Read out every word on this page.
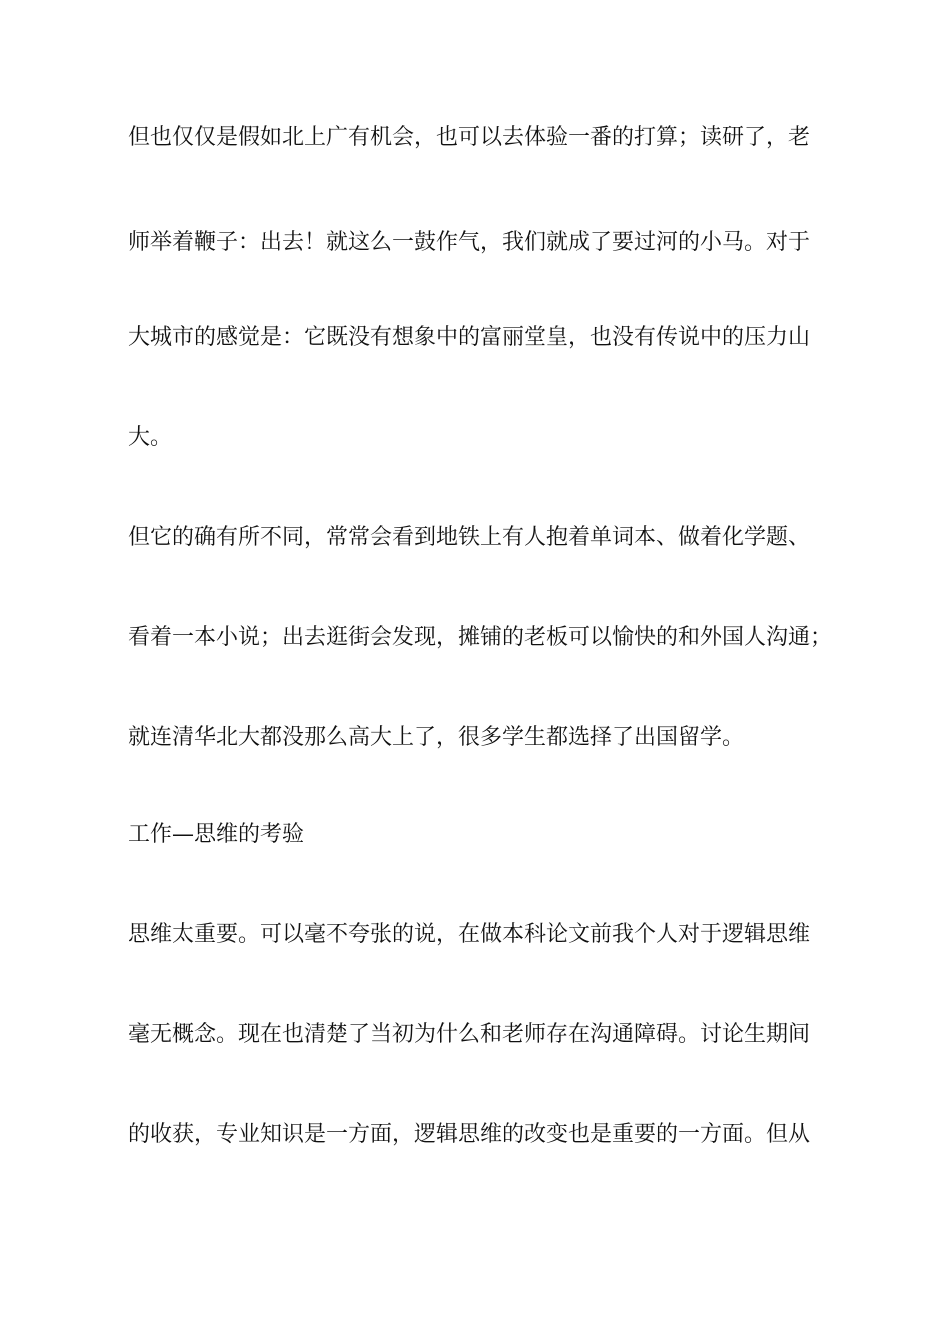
但也仅仅是假如北上广有机会，也可以去体验一番的打算；读研了，老

师举着鞭子：出去！就这么一鼓作气，我们就成了要过河的小马。对于

大城市的感觉是：它既没有想象中的富丽堂皇，也没有传说中的压力山

大。

但它的确有所不同，常常会看到地铁上有人抱着单词本、做着化学题、

看着一本小说；出去逛街会发现，摊铺的老板可以愉快的和外国人沟通；

就连清华北大都没那么高大上了，很多学生都选择了出国留学。

工作—思维的考验

思维太重要。可以毫不夸张的说，在做本科论文前我个人对于逻辑思维

毫无概念。现在也清楚了当初为什么和老师存在沟通障碍。讨论生期间

的收获，专业知识是一方面，逻辑思维的改变也是重要的一方面。但从
